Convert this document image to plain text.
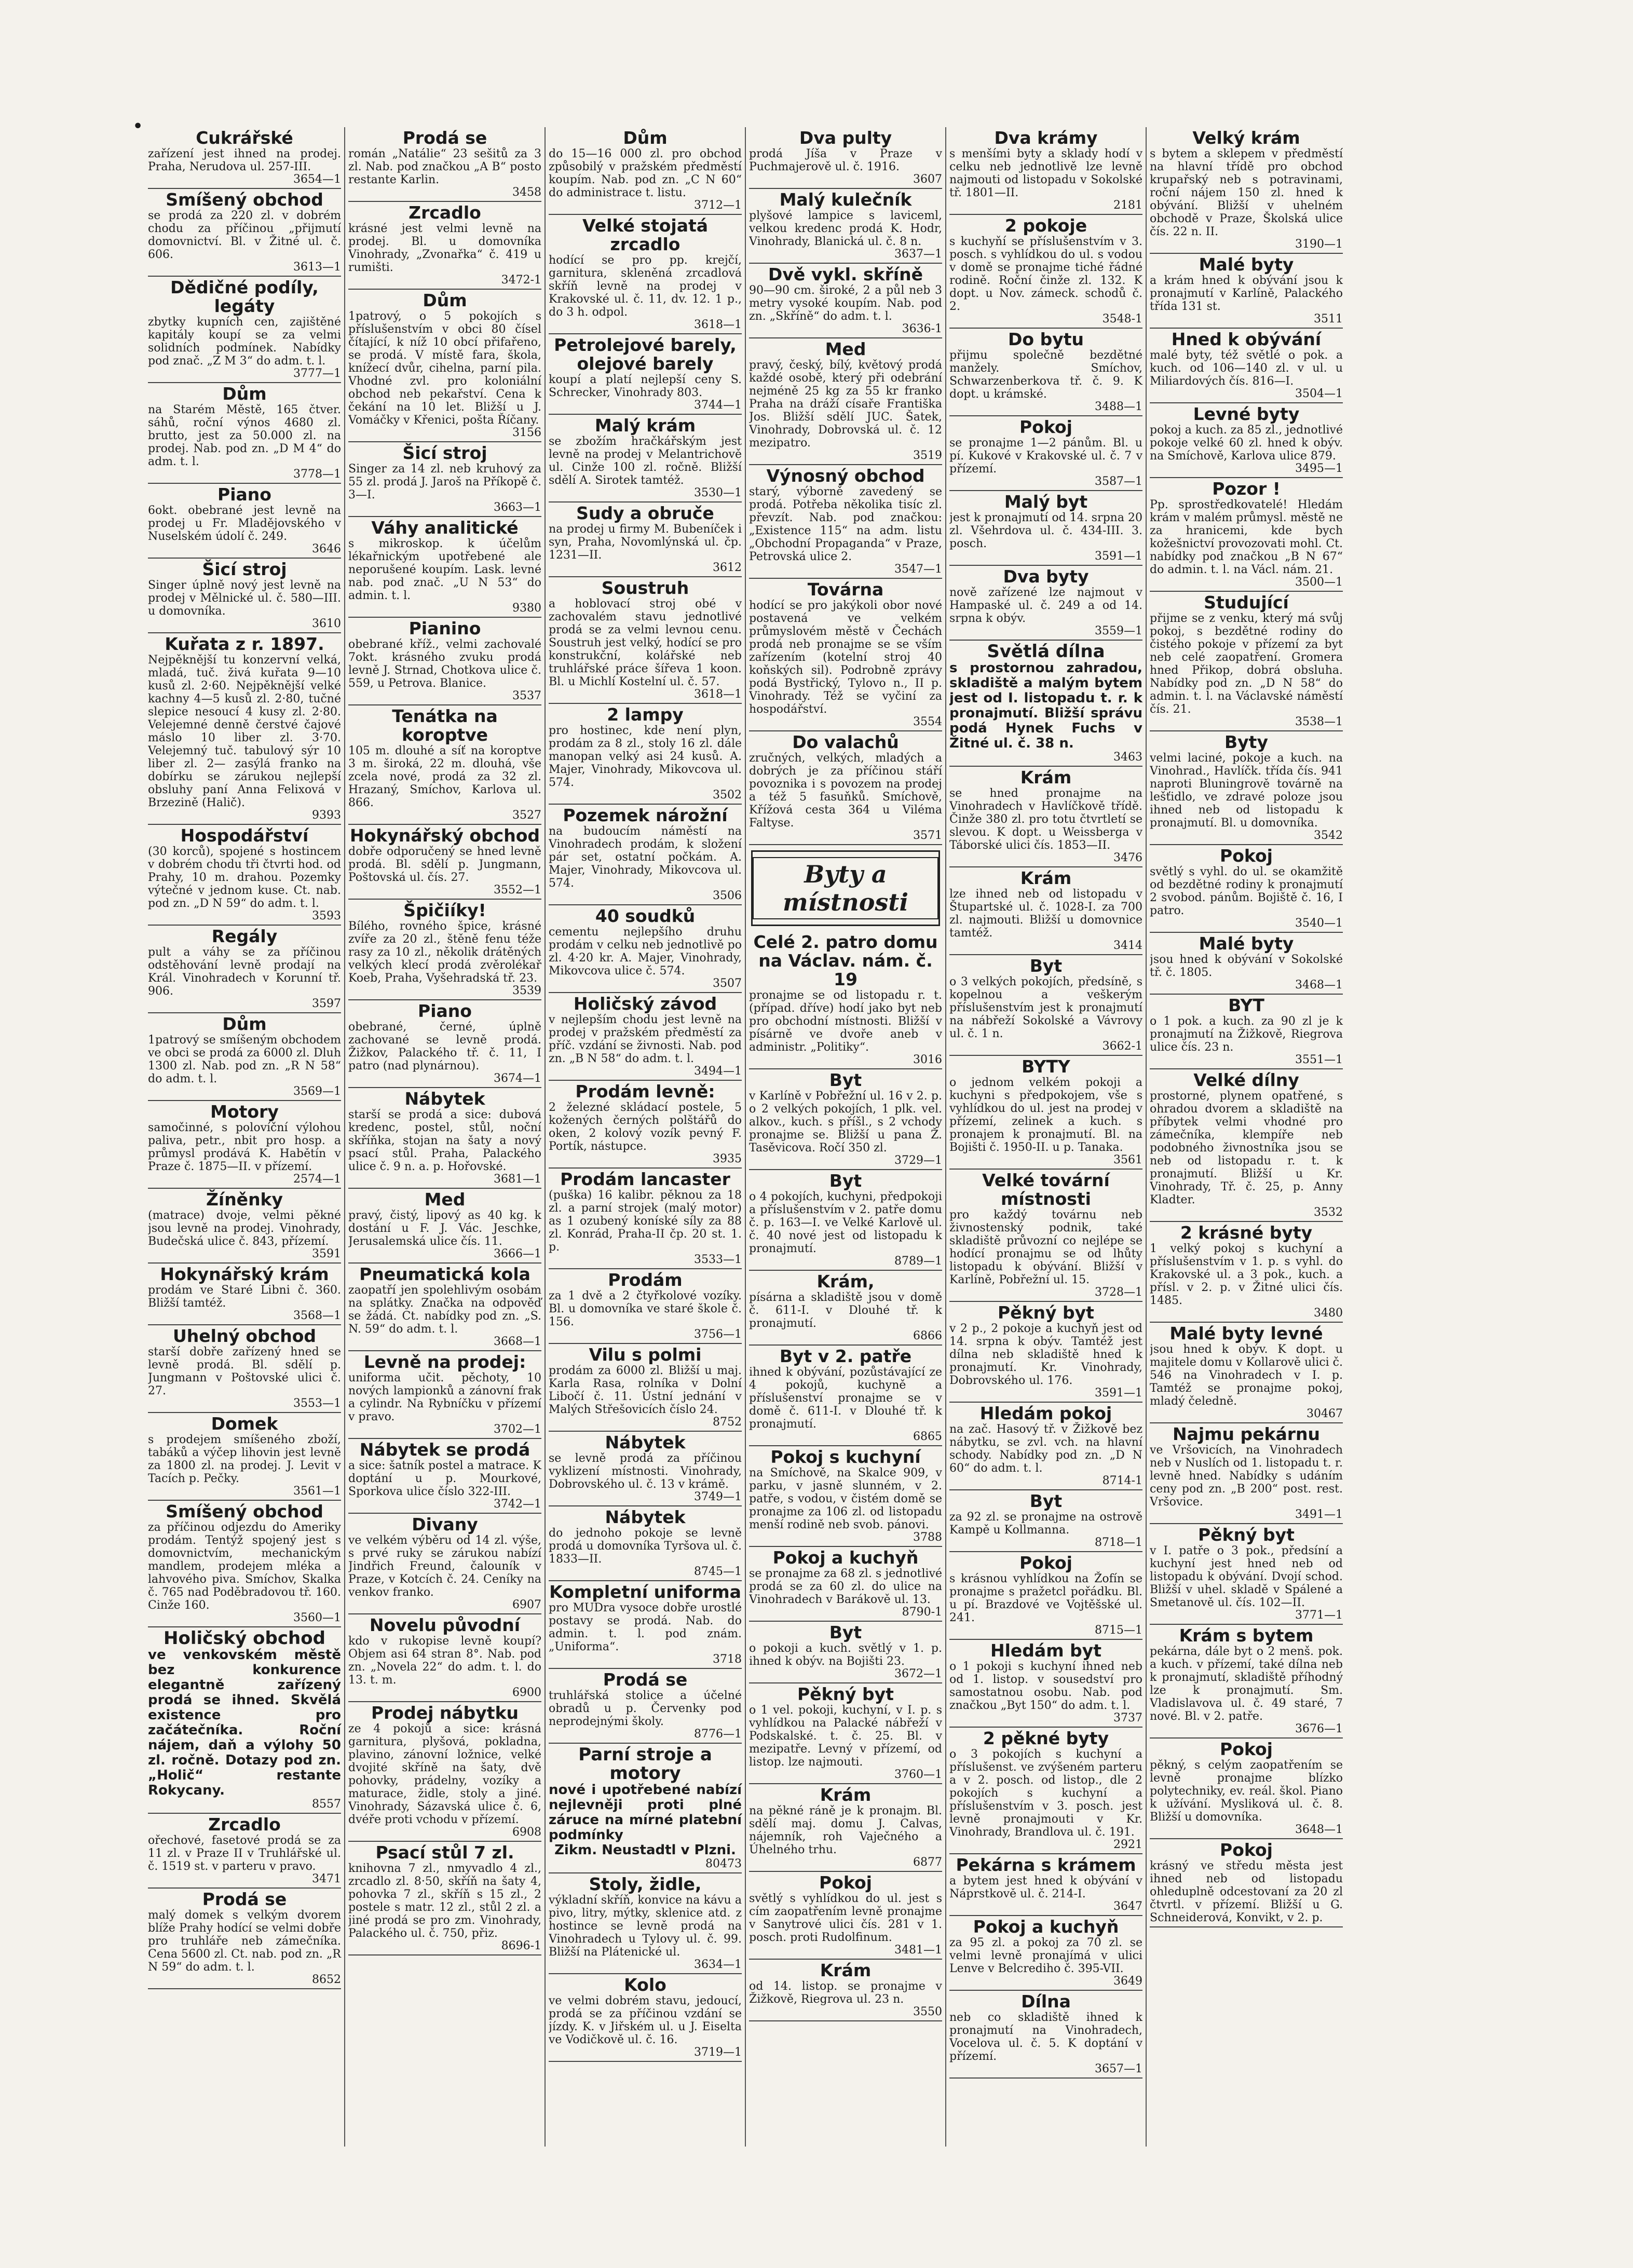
•
Cukrářské

zařízení jest ihned na prodej. Praha, Nerudova ul. 257-III.

3654—1
Smíšený obchod

se prodá za 220 zl. v dobrém chodu za příčinou „přijmutí domovnictví. Bl. v Žitné ul. č. 606.

3613—1
Dědičné podíly, legáty

zbytky kupních cen, zajištěné kapitály koupí se za velmi solidních podmínek. Nabídky pod znač. „Z M 3“ do adm. t. l.

3777—1
Dům

na Starém Městě, 165 čtver. sáhů, roční výnos 4680 zl. brutto, jest za 50.000 zl. na prodej. Nab. pod zn. „D M 4“ do adm. t. l.

3778—1
Piano

6okt. obebrané jest levně na prodej u Fr. Mladějovského v Nuselském údolí č. 249.

3646
Šicí stroj

Singer úplně nový jest levně na prodej v Mělnické ul. č. 580—III. u domovníka.

3610
Kuřata z r. 1897.

Nejpěknější tu konzervní velká, mladá, tuč. živá kuřata 9—10 kusů zl. 2·60. Nejpěknější velké kachny 4—5 kusů zl. 2·80, tučné slepice nesoucí 4 kusy zl. 2·80. Velejemné denně čerstvé čajové máslo 10 liber zl. 3·70. Velejemný tuč. tabulový sýr 10 liber zl. 2— zasýlá franko na dobírku se zárukou nejlepší obsluhy paní Anna Felixová v Brzezině (Halič).

9393
Hospodářství

(30 korců), spojené s hostincem v dobrém chodu tři čtvrti hod. od Prahy, 10 m. drahou. Pozemky výtečné v jednom kuse. Ct. nab. pod zn. „D N 59“ do adm. t. l.

3593
Regály

pult a váhy se za příčinou odstěhování levně prodají na Král. Vinohradech v Korunní tř. 906.

3597
Dům

1patrový se smíšeným obchodem ve obci se prodá za 6000 zl. Dluh 1300 zl. Nab. pod zn. „R N 58“ do adm. t. l.

3569—1
Motory

samočinné, s polovíční výlohou paliva, petr., nbit pro hosp. a průmysl prodává K. Habětín v Praze č. 1875—II. v přízemí.

2574—1
Žíněnky

(matrace) dvoje, velmi pěkné jsou levně na prodej. Vinohrady, Budečská ulice č. 843, přízemí.

3591
Hokynářský krám

prodám ve Staré Libni č. 360. Bližší tamtéž.

3568—1
Uhelný obchod

starší dobře zařízený hned se levně prodá. Bl. sdělí p. Jungmann v Poštovské ulici č. 27.

3553—1
Domek

s prodejem smíšeného zboží, tabáků a výčep lihovin jest levně za 1800 zl. na prodej. J. Levit v Tacích p. Pečky.

3561—1
Smíšený obchod

za příčinou odjezdu do Ameriky prodám. Tentýž spojený jest s domovnictvím, mechanickým mandlem, prodejem mléka a lahvového piva. Smíchov, Skalka č. 765 nad Poděbradovou tř. 160. Cinže 160.

3560—1
Holičský obchod

ve venkovském městě bez konkurence elegantně zařízený prodá se ihned. Skvělá existence pro začátečníka. Roční nájem, daň a výlohy 50 zl. ročně. Dotazy pod zn. „Holič“ restante Rokycany.

8557
Zrcadlo

ořechové, fasetové prodá se za 11 zl. v Praze II v Truhlářské ul. č. 1519 st. v parteru v pravo.

3471
Prodá se

malý domek s velkým dvorem blíže Prahy hodící se velmi dobře pro truhláře neb zámečníka. Cena 5600 zl. Ct. nab. pod zn. „R N 59“ do adm. t. l.

8652
Prodá se

román „Natálie“ 23 sešitů za 3 zl. Nab. pod značkou „A B“ posto restante Karlin.

3458
Zrcadlo

krásné jest velmi levně na prodej. Bl. u domovníka Vinohrady, „Zvonařka“ č. 419 u rumišti.

3472-1
Dům

1patrový, o 5 pokojích s příslušenstvím v obci 80 čísel čítající, k níž 10 obcí přifařeno, se prodá. V místě fara, škola, knížecí dvůr, cihelna, parní pila. Vhodné zvl. pro koloniální obchod neb pekařství. Cena k čekání na 10 let. Bližší u J. Vomáčky v Křenici, pošta Říčany.

3156
Šicí stroj

Singer za 14 zl. neb kruhový za 55 zl. prodá J. Jaroš na Příkopě č. 3—I.

3663—1
Váhy analitické

s mikroskop. k účelům lékařnickým upotřebené ale neporušené koupím. Lask. levné nab. pod znač. „U N 53“ do admin. t. l.

9380
Pianino

obebrané kříž., velmi zachovalé 7okt. krásného zvuku prodá levně J. Strnad, Chotkova ulice č. 559, u Petrova. Blanice.

3537
Tenátka na koroptve

105 m. dlouhé a síť na koroptve 3 m. široká, 22 m. dlouhá, vše zcela nové, prodá za 32 zl. Hrazaný, Smíchov, Karlova ul. 866.

3527
Hokynářský obchod

dobře odporučený se hned levně prodá. Bl. sdělí p. Jungmann, Poštovská ul. čís. 27.

3552—1
Špičiíky!

Bílého, rovného špice, krásné zvíře za 20 zl., štěně fenu téže rasy za 10 zl., několik drátěných velkých klecí prodá zvěrolékař Koeb, Praha, Vyšehradská tř. 23.

3539
Piano

obebrané, černé, úplně zachované se levně prodá. Žižkov, Palackého tř. č. 11, I patro (nad plynárnou).

3674—1
Nábytek

starší se prodá a sice: dubová kredenc, postel, stůl, noční skříňka, stojan na šaty a nový psací stůl. Praha, Palackého ulice č. 9 n. a. p. Hořovské.

3681—1
Med

pravý, čistý, lipový as 40 kg. k dostání u F. J. Vác. Jeschke, Jerusalemská ulice čís. 11.

3666—1
Pneumatická kola

zaopatří jen spolehlivým osobám na splátky. Značka na odpověď se žádá. Ct. nabídky pod zn. „S. N. 59“ do adm. t. l.

3668—1
Levně na prodej:

uniforma učit. pěchoty, 10 nových lampionků a zánovní frak a cylindr. Na Rybníčku v přízemí v pravo.

3702—1
Nábytek se prodá

a sice: šatník postel a matrace. K doptání u p. Mourkové, Sporkova ulice číslo 322-III.

3742—1
Divany

ve velkém výběru od 14 zl. výše, s prvé ruky se zárukou nabízí Jindřich Freund, čalouník v Praze, v Kotcích č. 24. Ceníky na venkov franko.

6907
Novelu původní

kdo v rukopise levně koupí? Objem asi 64 stran 8°. Nab. pod zn. „Novela 22“ do adm. t. l. do 13. t. m.

6900
Prodej nábytku

ze 4 pokojů a sice: krásná garnitura, plyšová, pokladna, plavino, zánovní ložnice, velké dvojité skříně na šaty, dvě pohovky, prádelny, vozíky a maturace, židle, stoly a jiné. Vinohrady, Sázavská ulice č. 6, dvéře proti vchodu v přízemí.

6908
Psací stůl 7 zl.

knihovna 7 zl., nmyvadlo 4 zl., zrcadlo zl. 8·50, skříň na šaty 4, pohovka 7 zl., skříň s 15 zl., 2 postele s matr. 12 zl., stůl 2 zl. a jiné prodá se pro zm. Vinohrady, Palackého ul. č. 750, přiz.

8696-1
Dům

do 15—16 000 zl. pro obchod způsobilý v pražském předměstí koupím. Nab. pod zn. „C N 60“ do administrace t. listu.

3712—1
Velké stojatá zrcadlo

hodící se pro pp. krejčí, garnitura, skleněná zrcadlová skříň levně na prodej v Krakovské ul. č. 11, dv. 12. 1 p., do 3 h. odpol.

3618—1
Petrolejové barely, olejové barely

koupí a platí nejlepší ceny S. Schrecker, Vinohrady 803.

3744—1
Malý krám

se zbožím hračkářským jest levně na prodej v Melantrichově ul. Cinže 100 zl. ročně. Bližší sdělí A. Sirotek tamtéž.

3530—1
Sudy a obruče

na prodej u firmy M. Bubeníček i syn, Praha, Novomlýnská ul. čp. 1231—II.

3612
Soustruh

a hoblovací stroj obé v zachovalém stavu jednotlivé prodá se za velmi levnou cenu. Soustruh jest velký, hodící se pro konstrukční, kolářské neb truhlářské práce šířeva 1 koon. Bl. u Michlí Kostelní ul. č. 57.

3618—1
2 lampy

pro hostinec, kde není plyn, prodám za 8 zl., stoly 16 zl. dále manopan velký asi 24 kusů. A. Majer, Vinohrady, Mikovcova ul. 574.

3502
Pozemek nárožní

na budoucím náměstí na Vinohradech prodám, k složení pár set, ostatní počkám. A. Majer, Vinohrady, Mikovcova ul. 574.

3506
40 soudků

cementu nejlepšího druhu prodám v celku neb jednotlivě po zl. 4·20 kr. A. Majer, Vinohrady, Mikovcova ulice č. 574.

3507
Holičský závod

v nejlepším chodu jest levně na prodej v pražském předměstí za příč. vzdání se živnosti. Nab. pod zn. „B N 58“ do adm. t. l.

3494—1
Prodám levně:

2 železné skládací postele, 5 kožených černých polštářů do oken, 2 kolový vozík pevný F. Portík, nástupce.

3935
Prodám lancaster

(puška) 16 kalibr. pěknou za 18 zl. a parní strojek (malý motor) as 1 ozubený koníské síly za 88 zl. Konrád, Praha-II čp. 20 st. 1. p.

3533—1
Prodám

za 1 dvě a 2 čtyřkolové vozíky. Bl. u domovníka ve staré škole č. 156.

3756—1
Vilu s polmi

prodám za 6000 zl. Bližší u maj. Karla Rasa, rolníka v Dolní Libočí č. 11. Ústní jednání v Malých Střešovicích číslo 24.

8752
Nábytek

se levně prodá za příčinou vyklizení místnosti. Vinohrady, Dobrovského ul. č. 13 v krámě.

3749—1
Nábytek

do jednoho pokoje se levně prodá u domovníka Tyršova ul. č. 1833—II.

8745—1
Kompletní uniforma

pro MUDra vysoce dobře urostlé postavy se prodá. Nab. do admin. t. l. pod znám. „Uniforma“.

3718
Prodá se

truhlářská stolice a účelné obradů u p. Červenky pod neprodejnými školy.

8776—1
Parní stroje a motory

nové i upotřebené nabízí nejlevněji proti plné záruce na mírné platební podmínky

Zikm. Neustadtl v Plzni.

80473
Stoly, židle,

výkladní skříň, konvice na kávu a pivo, litry, mýtky, sklenice atd. z hostince se levně prodá na Vinohradech u Tylovy ul. č. 99. Bližší na Plátenické ul.

3634—1
Kolo

ve velmi dobrém stavu, jedoucí, prodá se za příčinou vzdání se jízdy. K. v Jiřském ul. u J. Eiselta ve Vodičkově ul. č. 16.

3719—1
Dva pulty

prodá Jíša v Praze v Puchmajerově ul. č. 1916.

3607
Malý kulečník

plyšové lampice s laviceml, velkou kredenc prodá K. Hodr, Vinohrady, Blanická ul. č. 8 n.

3637—1
Dvě vykl. skříně

90—90 cm. široké, 2 a půl neb 3 metry vysoké koupím. Nab. pod zn. „Skříně“ do adm. t. l.

3636-1
Med

pravý, český, bílý, květový prodá každé osobě, který při odebrání nejméně 25 kg za 55 kr franko Praha na dráží císaře Františka Jos. Bližší sdělí JUC. Šatek, Vinohrady, Dobrovská ul. č. 12 mezipatro.

3519
Výnosný obchod

starý, výborně zavedený se prodá. Potřeba několika tisíc zl. převzít. Nab. pod značkou: „Existence 115“ na adm. listu „Obchodní Propaganda“ v Praze, Petrovská ulice 2.

3547—1
Továrna

hodící se pro jakýkoli obor nové postavená ve velkém průmyslovém městě v Čechách prodá neb pronajme se se vším zařízením (kotelní stroj 40 koňských sil). Podrobně zprávy podá Bystřický, Tylovo n., II p. Vinohrady. Též se vyčiní za hospodářství.

3554
Do valachů

zručných, velkých, mladých a dobrých je za příčinou stáří povoznika i s povozem na prodej a též 5 fasuňků. Smíchově, Křížová cesta 364 u Viléma Faltyse.

3571
Byty a místnosti
Celé 2. patro domu na Václav. nám. č. 19

pronajme se od listopadu r. t. (případ. dříve) hodí jako byt neb pro obchodní místnosti. Bližší v písárně ve dvoře aneb v administr. „Politiky“.

3016
Byt

v Karlíně v Pobřežní ul. 16 v 2. p. o 2 velkých pokojích, 1 plk. vel. alkov., kuch. s příšl., s 2 vchody pronajme se. Bližší u pana Ž. Tasěvicova. Ročí 350 zl.

3729—1
Byt

o 4 pokojích, kuchyni, předpokoji a příslušenstvím v 2. patře domu č. p. 163—I. ve Velké Karlově ul. č. 40 nové jest od listopadu k pronajmutí.

8789—1
Krám,

písárna a skladiště jsou v domě č. 611-I. v Dlouhé tř. k pronajmutí.

6866
Byt v 2. patře

ihned k obývání, pozůstávající ze 4 pokojů, kuchyně a příslušenství pronajme se v domě č. 611-I. v Dlouhé tř. k pronajmutí.

6865
Pokoj s kuchyní

na Smíchově, na Skalce 909, v parku, v jasně slunném, v 2. patře, s vodou, v čistém domě se pronajme za 106 zl. od listopadu menší rodině neb svob. pánovi.

3788
Pokoj a kuchyň

se pronajme za 68 zl. s jednotlivé prodá se za 60 zl. do ulice na Vinohradech v Barákově ul. 13.

8790-1
Byt

o pokoji a kuch. světlý v 1. p. ihned k obýv. na Bojišti 23.

3672—1
Pěkný byt

o 1 vel. pokoji, kuchyní, v I. p. s vyhlídkou na Palacké nábřeží v Podskalské. t. č. 25. Bl. v mezipatře. Levný v přízemí, od listop. lze najmouti.

3760—1
Krám

na pěkné ráně je k pronajm. Bl. sdělí maj. domu J. Calvas, nájemník, roh Vaječného a Úhelného trhu.

6877
Pokoj

světlý s vyhlídkou do ul. jest s cím zaopatřením levně pronajme v Sanytrové ulici čís. 281 v 1. posch. proti Rudolfinum.

3481—1
Krám

od 14. listop. se pronajme v Žižkově, Riegrova ul. 23 n.

3550
Dva krámy

s menšími byty a sklady hodí v celku neb jednotlivě lze levně najmouti od listopadu v Sokolské tř. 1801—II.

2181
2 pokoje

s kuchyňí se příslušenstvím v 3. posch. s vyhlídkou do ul. s vodou v domě se pronajme tiché řádné rodině. Roční činže zl. 132. K dopt. u Nov. zámeck. schodů č. 2.

3548-1
Do bytu

přijmu společně bezdětné manžely. Smíchov, Schwarzenberkova tř. č. 9. K dopt. u krámské.

3488—1
Pokoj

se pronajme 1—2 pánům. Bl. u pí. Kukové v Krakovské ul. č. 7 v přízemí.

3587—1
Malý byt

jest k pronajmutí od 14. srpna 20 zl. Všehrdova ul. č. 434-III. 3. posch.

3591—1
Dva byty

nově zařízené lze najmout v Hampaské ul. č. 249 a od 14. srpna k obýv.

3559—1
Světlá dílna

s prostornou zahradou, skladiště a malým bytem jest od I. listopadu t. r. k pronajmutí. Bližší správu podá Hynek Fuchs v Žitné ul. č. 38 n.

3463
Krám

se hned pronajme na Vinohradech v Havlíčkově třídě. Činže 380 zl. pro totu čtvrtletí se slevou. K dopt. u Weissberga v Táborské ulici čís. 1853—II.

3476
Krám

lze ihned neb od listopadu v Štupartské ul. č. 1028-I. za 700 zl. najmouti. Bližší u domovnice tamtéž.

3414
Byt

o 3 velkých pokojích, předsíně, s kopelnou a veškerým příslušenstvím jest k pronajmutí na nábřeží Sokolské a Vávrovy ul. č. 1 n.

3662-1
BYTY

o jednom velkém pokoji a kuchyni s předpokojem, vše s vyhlídkou do ul. jest na prodej v přízemí, zelinek a kuch. s pronajem k pronajmutí. Bl. na Bojišti č. 1950-II. u p. Tanaka.

3561
Velké tovární místnosti

pro každý továrnu neb živnostenský podnik, také skladiště průvozní co nejlépe se hodící pronajmu se od lhůty listopadu k obývání. Bližší v Karlíně, Pobřežní ul. 15.

3728—1
Pěkný byt

v 2 p., 2 pokoje a kuchyň jest od 14. srpna k obýv. Tamtéž jest dílna neb skladiště hned k pronajmutí. Kr. Vinohrady, Dobrovského ul. 176.

3591—1
Hledám pokoj

na zač. Hasový tř. v Žižkově bez nábytku, se zvl. vch. na hlavní schody. Nabídky pod zn. „D N 60“ do adm. t. l.

8714-1
Byt

za 92 zl. se pronajme na ostrově Kampě u Kollmanna.

8718—1
Pokoj

s krásnou vyhlídkou na Žofín se pronajme s pražetcl pořádku. Bl. u pí. Brazdové ve Vojtěšské ul. 241.

8715—1
Hledám byt

o 1 pokoji s kuchyní ihned neb od 1. listop. v sousedství pro samostatnou osobu. Nab. pod značkou „Byt 150“ do adm. t. l.

3737
2 pěkné byty

o 3 pokojích s kuchyní a příslušenst. ve zvýšeném parteru a v 2. posch. od listop., dle 2 pokojích s kuchyní a příslušenstvím v 3. posch. jest levně pronajmouti v Kr. Vinohrady, Brandlova ul. č. 191.

2921
Pekárna s krámem

a bytem jest hned k obývání v Náprstkově ul. č. 214-I.

3647
Pokoj a kuchyň

za 95 zl. a pokoj za 70 zl. se velmi levně pronajímá v ulici Lenve v Belcrediho č. 395-VII.

3649
Dílna

neb co skladiště ihned k pronajmutí na Vinohradech, Vocelova ul. č. 5. K doptání v přízemí.

3657—1
Velký krám

s bytem a sklepem v předměstí na hlavní třídě pro obchod krupařský neb s potravinami, roční nájem 150 zl. hned k obývání. Bližší v uhelném obchodě v Praze, Školská ulice čís. 22 n. II.

3190—1
Malé byty

a krám hned k obývání jsou k pronajmutí v Karlíně, Palackého třída 131 st.

3511
Hned k obývání

malé byty, též světlé o pok. a kuch. od 106—140 zl. v ul. u Miliardových čís. 816—I.

3504—1
Levné byty

pokoj a kuch. za 85 zl., jednotlivé pokoje velké 60 zl. hned k obýv. na Smíchově, Karlova ulice 879.

3495—1
Pozor !

Pp. sprostředkovatelé! Hledám krám v malém průmysl. městě ne za hranicemi, kde bych kožešnictví provozovati mohl. Ct. nabídky pod značkou „B N 67“ do admin. t. l. na Václ. nám. 21.

3500—1
Studující

přijme se z venku, který má svůj pokoj, s bezdětné rodiny do čistého pokoje v přízemí za byt neb celé zaopatření. Gromera hned Přikop, dobrá obsluha. Nabídky pod zn. „D N 58“ do admin. t. l. na Václavské náměstí čís. 21.

3538—1
Byty

velmi laciné, pokoje a kuch. na Vinohrad., Havlíčk. třída čís. 941 naproti Bluningrově továrně na lešťidlo, ve zdravé poloze jsou ihned neb od listopadu k pronajmutí. Bl. u domovníka.

3542
Pokoj

světlý s vyhl. do ul. se okamžitě od bezdětné rodiny k pronajmutí 2 svobod. pánům. Bojiště č. 16, I patro.

3540—1
Malé byty

jsou hned k obývání v Sokolské tř. č. 1805.

3468—1
BYT

o 1 pok. a kuch. za 90 zl je k pronajmutí na Žižkově, Riegrova ulice čís. 23 n.

3551—1
Velké dílny

prostorné, plynem opatřené, s ohradou dvorem a skladiště na příbytek velmi vhodné pro zámečníka, klempíře neb podobného živnostníka jsou se neb od listopadu r. t. k pronajmutí. Bližší u Kr. Vinohrady, Tř. č. 25, p. Anny Kladter.

3532
2 krásné byty

1 velký pokoj s kuchyní a příslušenstvím v 1. p. s vyhl. do Krakovské ul. a 3 pok., kuch. a přísl. v 2. p. v Žitné ulici čís. 1485.

3480
Malé byty levné

jsou hned k obýv. K dopt. u majitele domu v Kollarově ulici č. 546 na Vinohradech v I. p. Tamtéž se pronajme pokoj, mladý čeledně.

30467
Najmu pekárnu

ve Vršovicích, na Vinohradech neb v Nuslích od 1. listopadu t. r. levně hned. Nabídky s udáním ceny pod zn. „B 200“ post. rest. Vršovice.

3491—1
Pěkný byt

v I. patře o 3 pok., předsíní a kuchyní jest hned neb od listopadu k obývání. Dvojí schod. Bližší v uhel. skladě v Spálené a Smetanově ul. čís. 102—II.

3771—1
Krám s bytem

pekárna, dále byt o 2 menš. pok. a kuch. v přízemí, také dílna neb k pronajmutí, skladiště příhodný lze k pronajmutí. Sm. Vladislavova ul. č. 49 staré, 7 nové. Bl. v 2. patře.

3676—1
Pokoj

pěkný, s celým zaopatřením se levně pronajme blízko polytechniky, ev. reál. škol. Piano k užívání. Mysliková ul. č. 8. Bližší u domovníka.

3648—1
Pokoj

krásný ve středu města jest ihned neb od listopadu ohleduplně odcestovaní za 20 zl čtvrtl. v přízemí. Bližší u G. Schneiderová, Konvikt, v 2. p.
